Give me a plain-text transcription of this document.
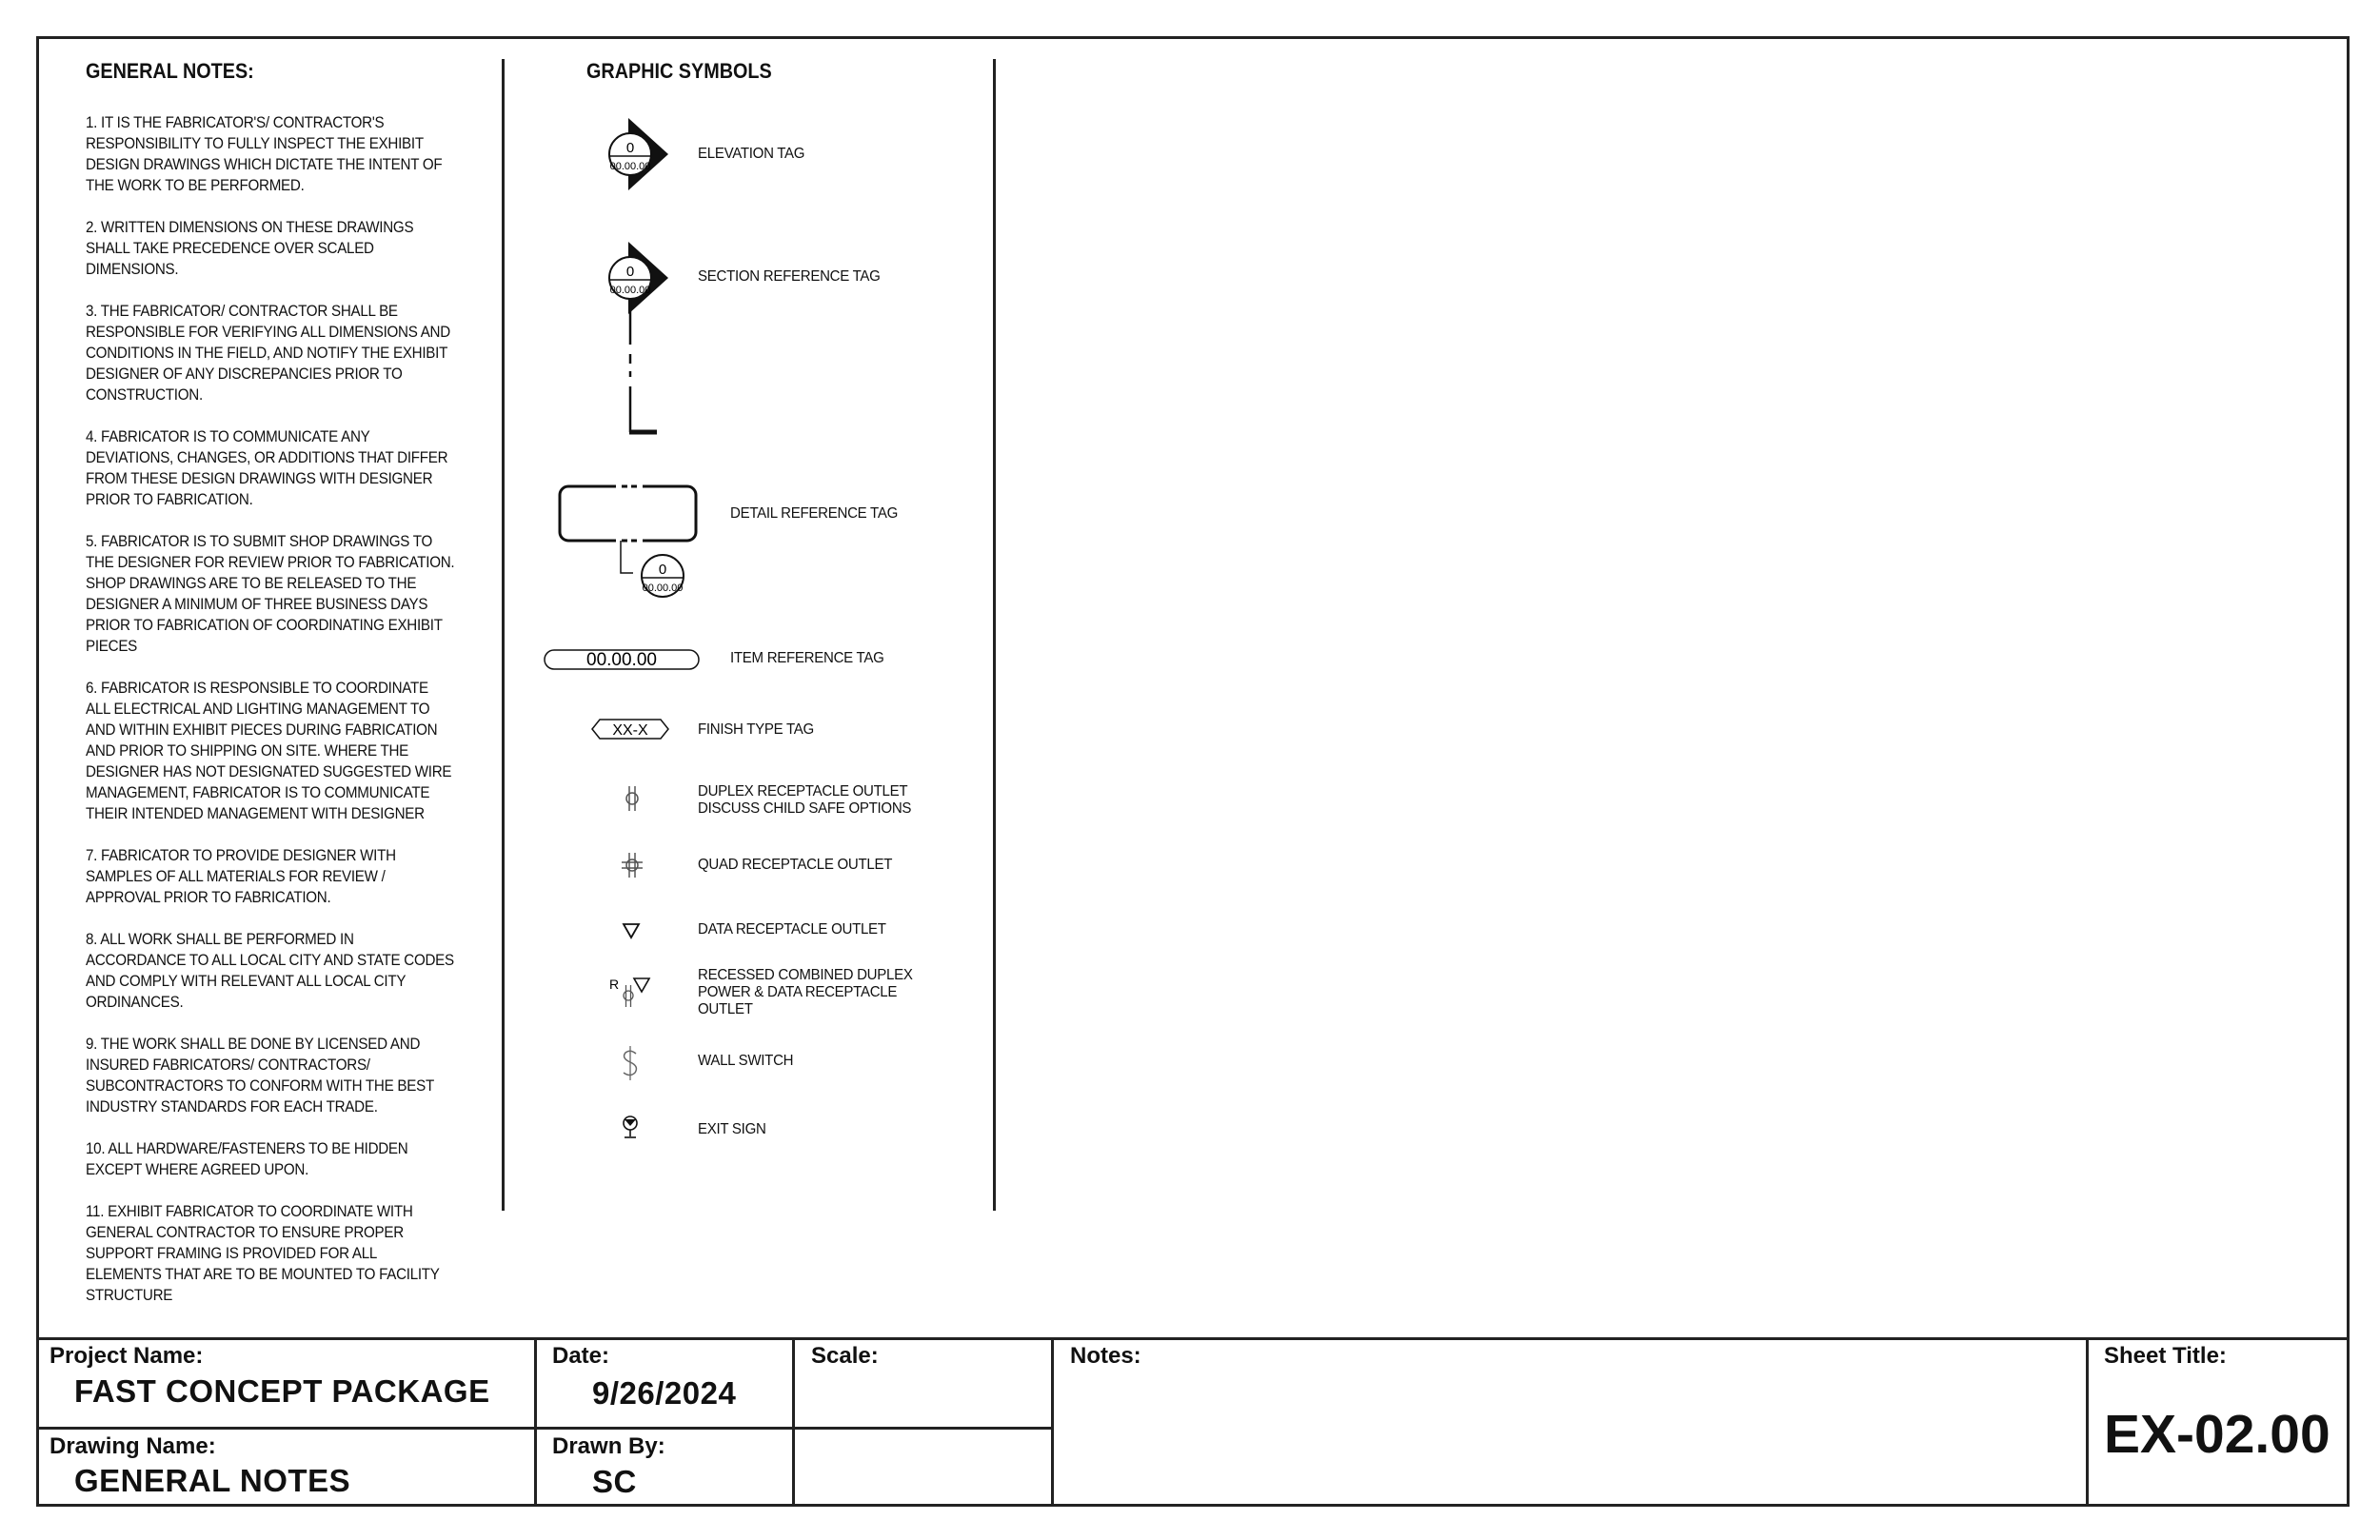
GENERAL NOTES:
1. IT IS THE FABRICATOR'S/ CONTRACTOR'S
RESPONSIBILITY TO FULLY INSPECT THE EXHIBIT
DESIGN DRAWINGS WHICH DICTATE THE INTENT OF
THE WORK TO BE PERFORMED.
2. WRITTEN DIMENSIONS ON THESE DRAWINGS
SHALL TAKE PRECEDENCE OVER SCALED
DIMENSIONS.
3. THE FABRICATOR/ CONTRACTOR SHALL BE
RESPONSIBLE FOR VERIFYING ALL DIMENSIONS AND
CONDITIONS IN THE FIELD, AND NOTIFY THE EXHIBIT
DESIGNER OF ANY DISCREPANCIES PRIOR TO
CONSTRUCTION.
4. FABRICATOR IS TO COMMUNICATE ANY
DEVIATIONS, CHANGES, OR ADDITIONS THAT DIFFER
FROM THESE DESIGN DRAWINGS WITH DESIGNER
PRIOR TO FABRICATION.
5. FABRICATOR IS TO SUBMIT SHOP DRAWINGS TO
THE DESIGNER FOR REVIEW PRIOR TO FABRICATION.
SHOP DRAWINGS ARE TO BE RELEASED TO THE
DESIGNER A MINIMUM OF THREE BUSINESS DAYS
PRIOR TO FABRICATION OF COORDINATING EXHIBIT
PIECES
6. FABRICATOR IS RESPONSIBLE TO COORDINATE
ALL ELECTRICAL AND LIGHTING MANAGEMENT TO
AND WITHIN EXHIBIT PIECES DURING FABRICATION
AND PRIOR TO SHIPPING ON SITE. WHERE THE
DESIGNER HAS NOT DESIGNATED SUGGESTED WIRE
MANAGEMENT, FABRICATOR IS TO COMMUNICATE
THEIR INTENDED MANAGEMENT WITH DESIGNER
7. FABRICATOR TO PROVIDE DESIGNER WITH
SAMPLES OF ALL MATERIALS FOR REVIEW /
APPROVAL PRIOR TO FABRICATION.
8. ALL WORK SHALL BE PERFORMED IN
ACCORDANCE TO ALL LOCAL CITY AND STATE CODES
AND COMPLY WITH RELEVANT ALL LOCAL CITY
ORDINANCES.
9. THE WORK SHALL BE DONE BY LICENSED AND
INSURED FABRICATORS/ CONTRACTORS/
SUBCONTRACTORS TO CONFORM WITH THE BEST
INDUSTRY STANDARDS FOR EACH TRADE.
10. ALL HARDWARE/FASTENERS TO BE HIDDEN
EXCEPT WHERE AGREED UPON.
11. EXHIBIT FABRICATOR TO COORDINATE WITH
GENERAL CONTRACTOR TO ENSURE PROPER
SUPPORT FRAMING IS PROVIDED FOR ALL
ELEMENTS THAT ARE TO BE MOUNTED TO FACILITY
STRUCTURE
GRAPHIC SYMBOLS
0
00.00.00
ELEVATION TAG
0
00.00.00
SECTION REFERENCE TAG
0
00.00.00
DETAIL REFERENCE TAG
00.00.00	ITEM REFERENCE TAG
XX-X	FINISH TYPE TAG
DUPLEX RECEPTACLE OUTLET
DISCUSS CHILD SAFE OPTIONS
QUAD RECEPTACLE OUTLET
DATA RECEPTACLE OUTLET
R
RECESSED COMBINED DUPLEX
POWER & DATA RECEPTACLE
OUTLET
WALL SWITCH
EXIT SIGN
Project Name:
FAST CONCEPT PACKAGE
Drawing Name:
GENERAL NOTES
Date:
9/26/2024
Drawn By:
SC
Scale:	Notes:	Sheet Title:
EX-02.00
